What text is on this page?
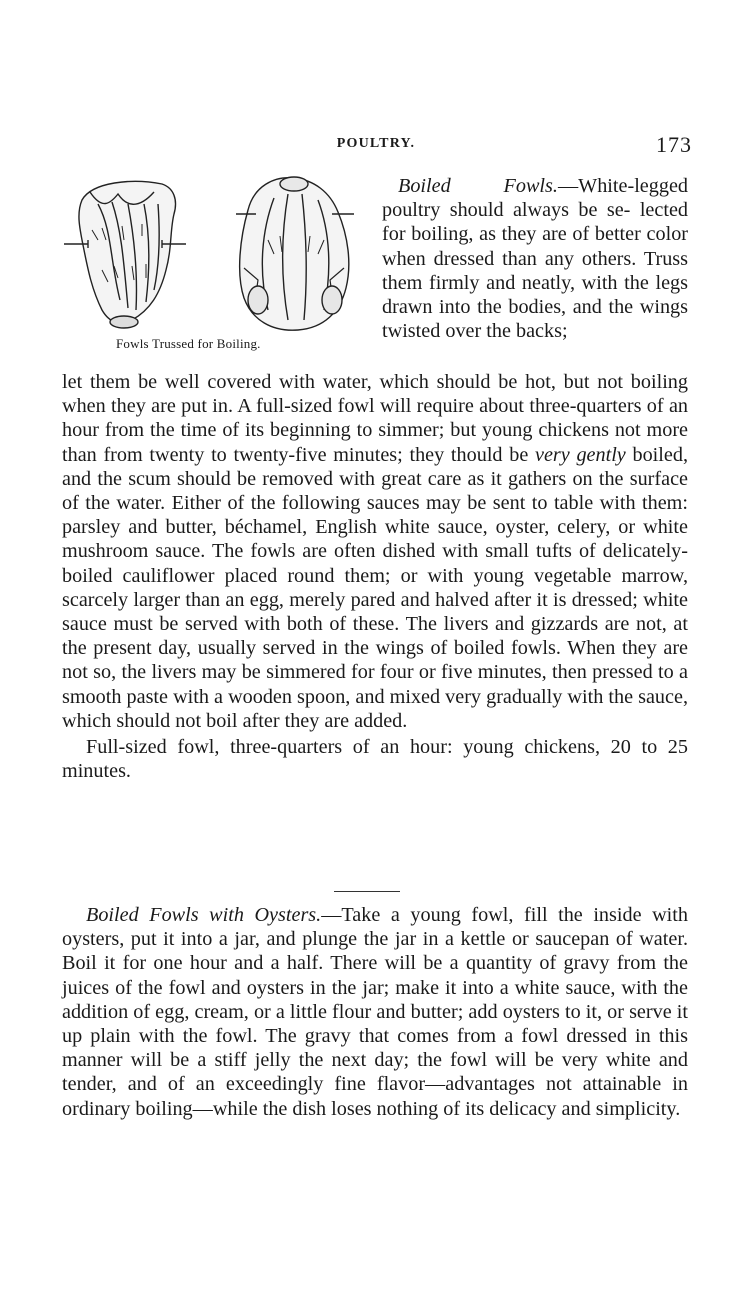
POULTRY.	173
Fowls Trussed for Boiling.

Boiled Fowls.—White-legged poultry should always be se- lected for boiling, as they are of better color when dressed than any others. Truss them firmly and neatly, with the legs drawn into the bodies, and the wings twisted over the backs;

let them be well covered with water, which should be hot, but not boiling when they are put in. A full-sized fowl will require about three-quarters of an hour from the time of its beginning to simmer; but young chickens not more than from twenty to twenty-five minutes; they thould be very gently boiled, and the scum should be removed with great care as it gathers on the surface of the water. Either of the following sauces may be sent to table with them: parsley and butter, béchamel, English white sauce, oyster, celery, or white mushroom sauce. The fowls are often dished with small tufts of delicately-boiled cauliflower placed round them; or with young vegetable marrow, scarcely larger than an egg, merely pared and halved after it is dressed; white sauce must be served with both of these. The livers and gizzards are not, at the present day, usually served in the wings of boiled fowls. When they are not so, the livers may be simmered for four or five minutes, then pressed to a smooth paste with a wooden spoon, and mixed very gradually with the sauce, which should not boil after they are added.

Full-sized fowl, three-quarters of an hour: young chickens, 20 to 25 minutes.

Boiled Fowls with Oysters.—Take a young fowl, fill the inside with oysters, put it into a jar, and plunge the jar in a kettle or saucepan of water. Boil it for one hour and a half. There will be a quantity of gravy from the juices of the fowl and oysters in the jar; make it into a white sauce, with the addition of egg, cream, or a little flour and butter; add oysters to it, or serve it up plain with the fowl. The gravy that comes from a fowl dressed in this manner will be a stiff jelly the next day; the fowl will be very white and tender, and of an exceedingly fine flavor—advantages not attainable in ordinary boiling—while the dish loses nothing of its delicacy and simplicity.
